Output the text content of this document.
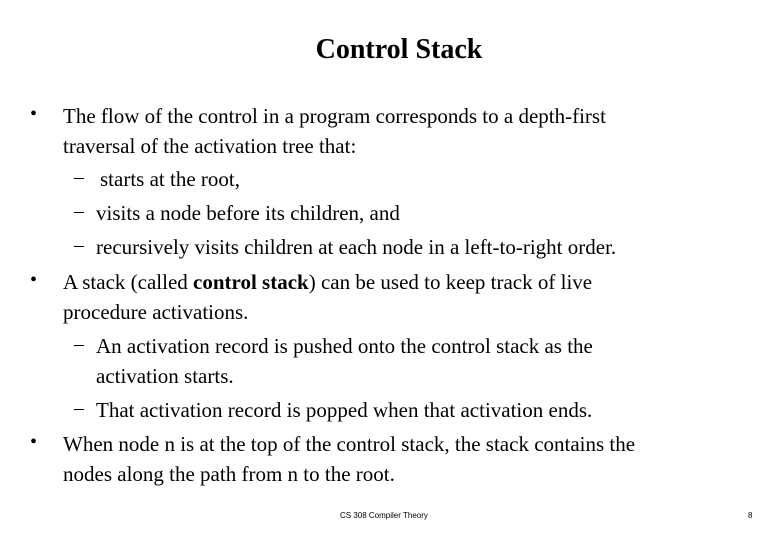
Control Stack
• The flow of the control in a program corresponds to a depth-first
traversal of the activation tree that:
– starts at the root,
– visits a node before its children, and
– recursively visits children at each node in a left-to-right order.
• A stack (called control stack) can be used to keep track of live
procedure activations.
– An activation record is pushed onto the control stack as the
activation starts.
– That activation record is popped when that activation ends.
• When node n is at the top of the control stack, the stack contains the
nodes along the path from n to the root.
CS 308 Compiler Theory	8
